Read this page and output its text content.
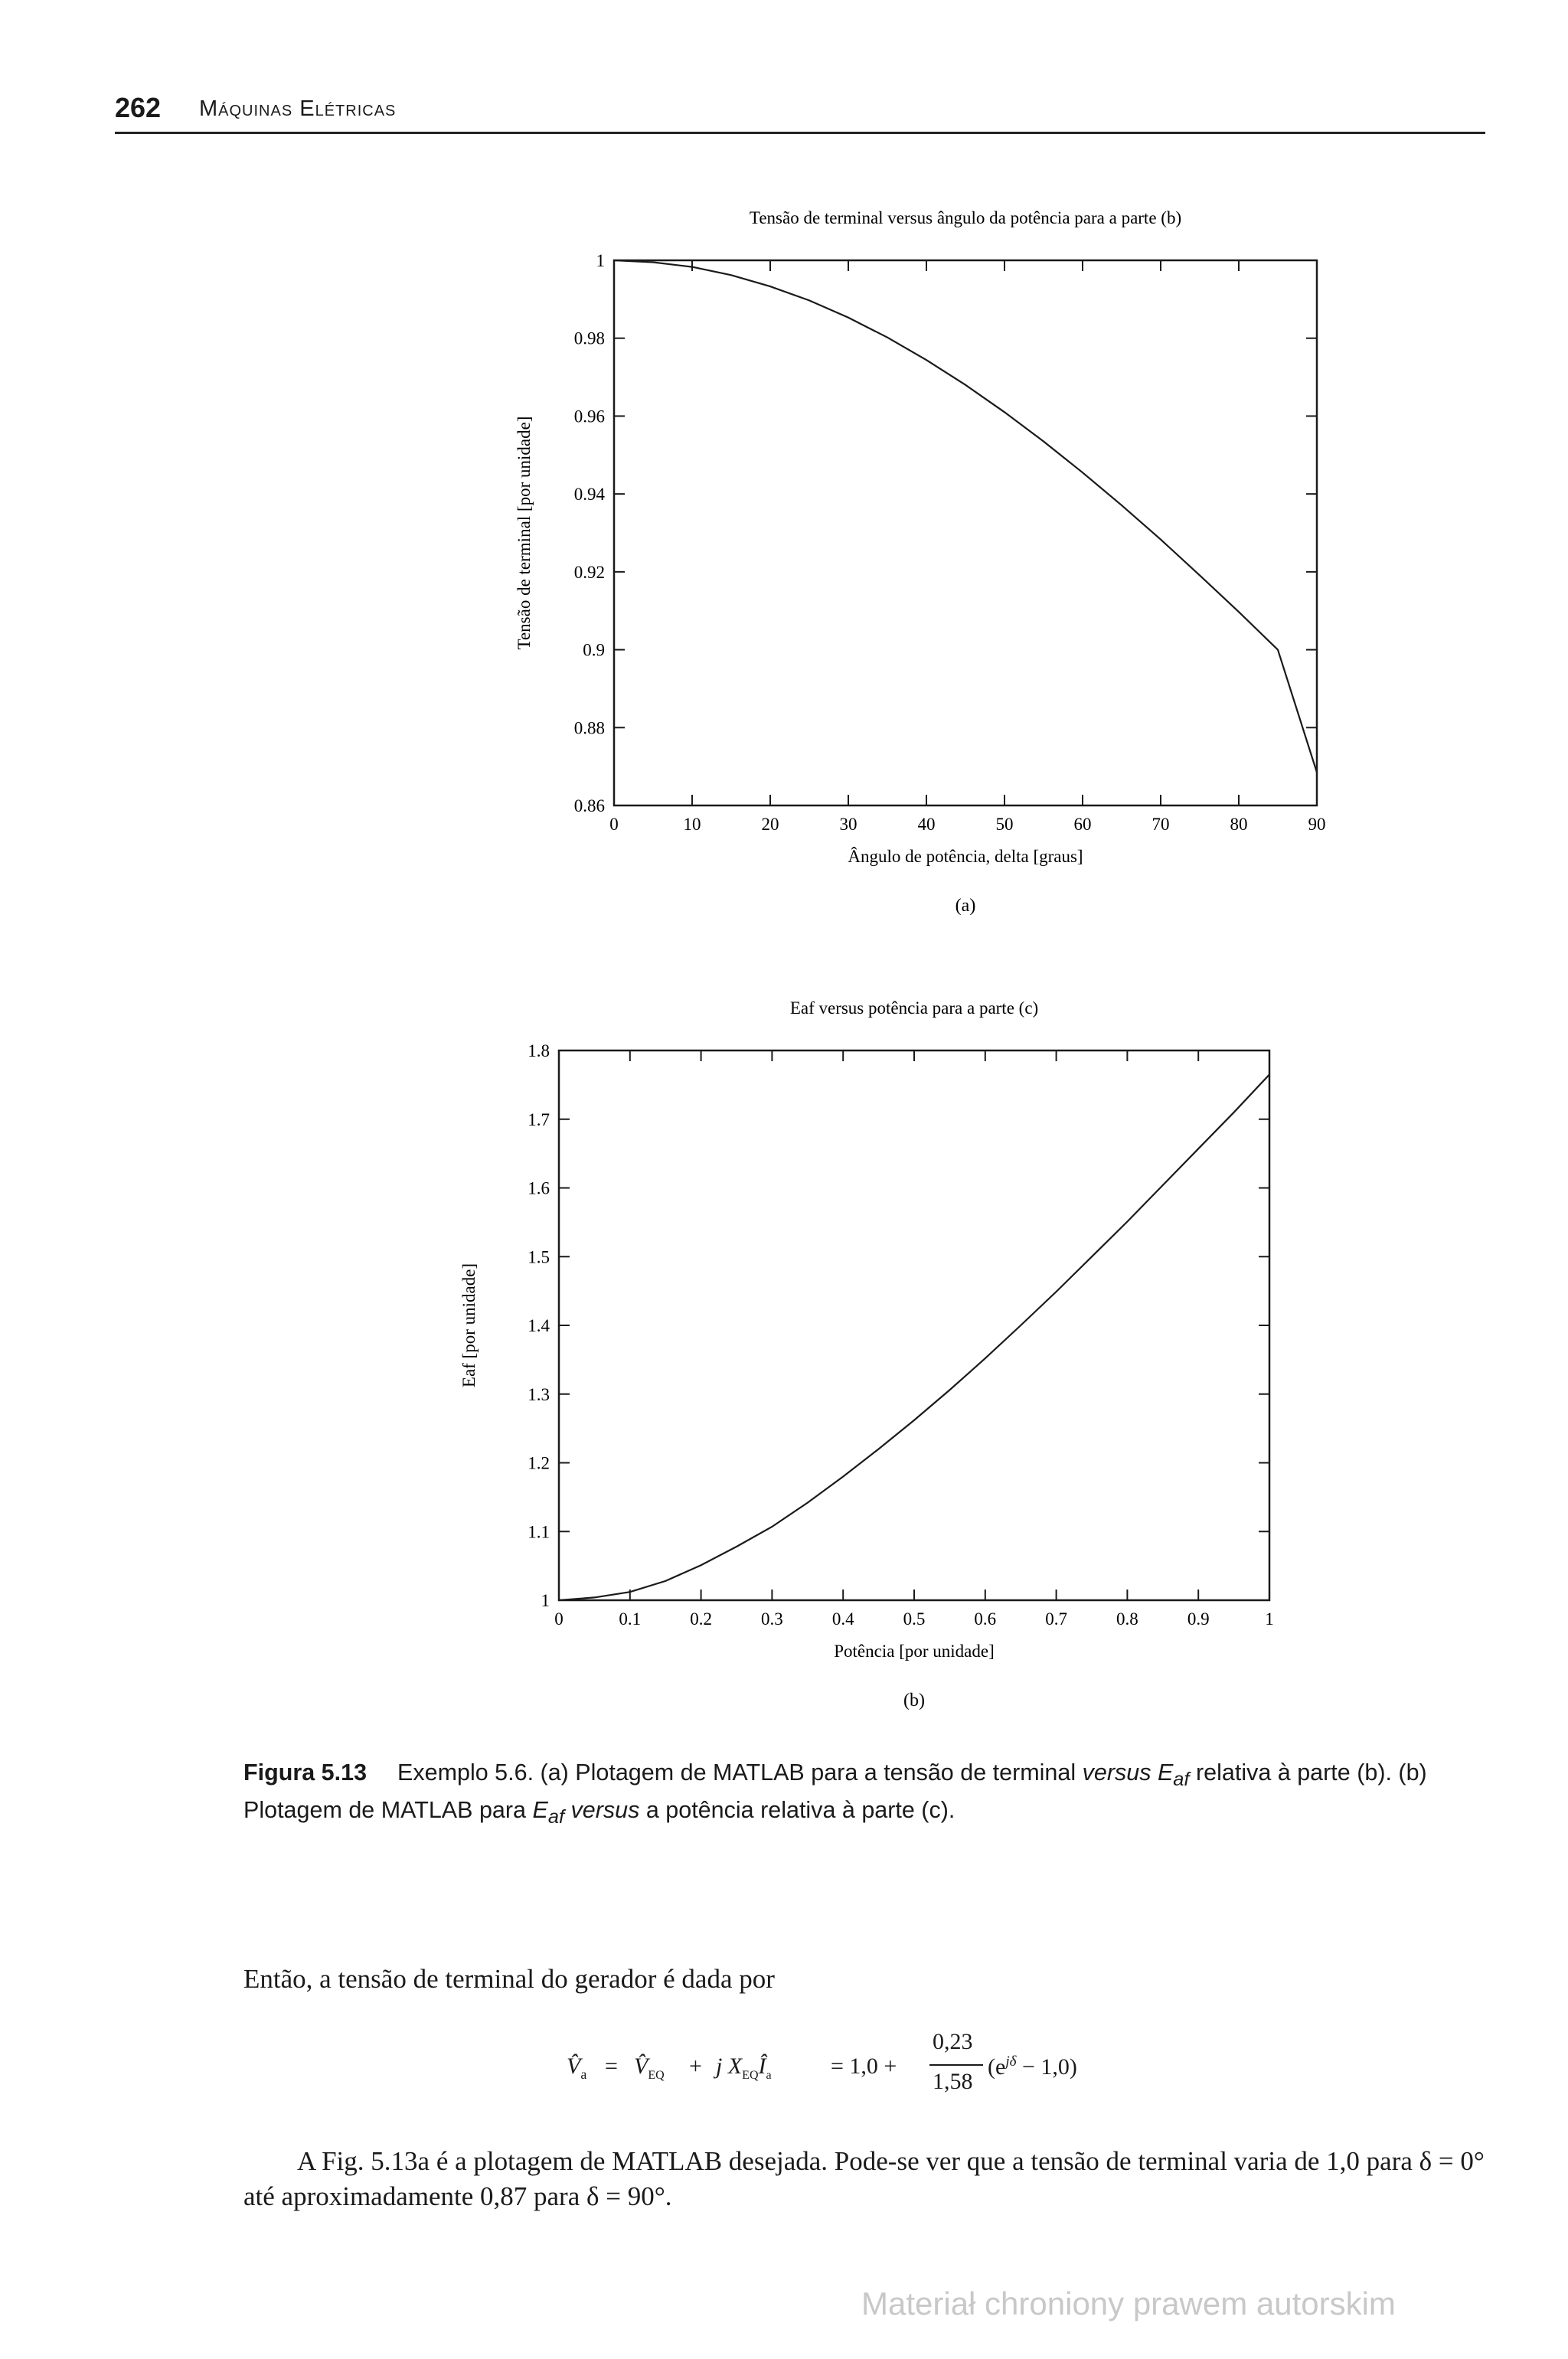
262 Máquinas Elétricas
Tensão de terminal versus ângulo da potência para a parte (b)
0	10	20	30	40	50	60	70	80	90
0.86
0.88
0.9
0.92
0.94
0.96
0.98
1
Ângulo de potência, delta [graus]
Tensão de terminal [por unidade]
(a)
Eaf versus potência para a parte (c)
0	0.1	0.2	0.3	0.4	0.5	0.6	0.7	0.8	0.9	1
1
1.1
1.2
1.3
1.4
1.5
1.6
1.7
1.8
Potência [por unidade]
Eaf [por unidade]
(b)
Figura 5.13 Exemplo 5.6. (a) Plotagem de MATLAB para a tensão de terminal versus $E_{af}$ relativa à parte (b). (b) Plotagem de MATLAB para $E_{af}$ versus a potência relativa à parte (c).
Então, a tensão de terminal do gerador é dada por
$V̂_a$ = $V̂_{EQ} + j$ $X_{EQ}Î_a$	= 1,0 +
0,23
1,58
$(e^{j\delta} - 1,0)$
A Fig. 5.13a é a plotagem de MATLAB desejada. Pode-se ver que a tensão de terminal varia de 1,0 para δ = 0° até aproximadamente 0,87 para δ = 90°.
Materiał chroniony prawem autorskim
